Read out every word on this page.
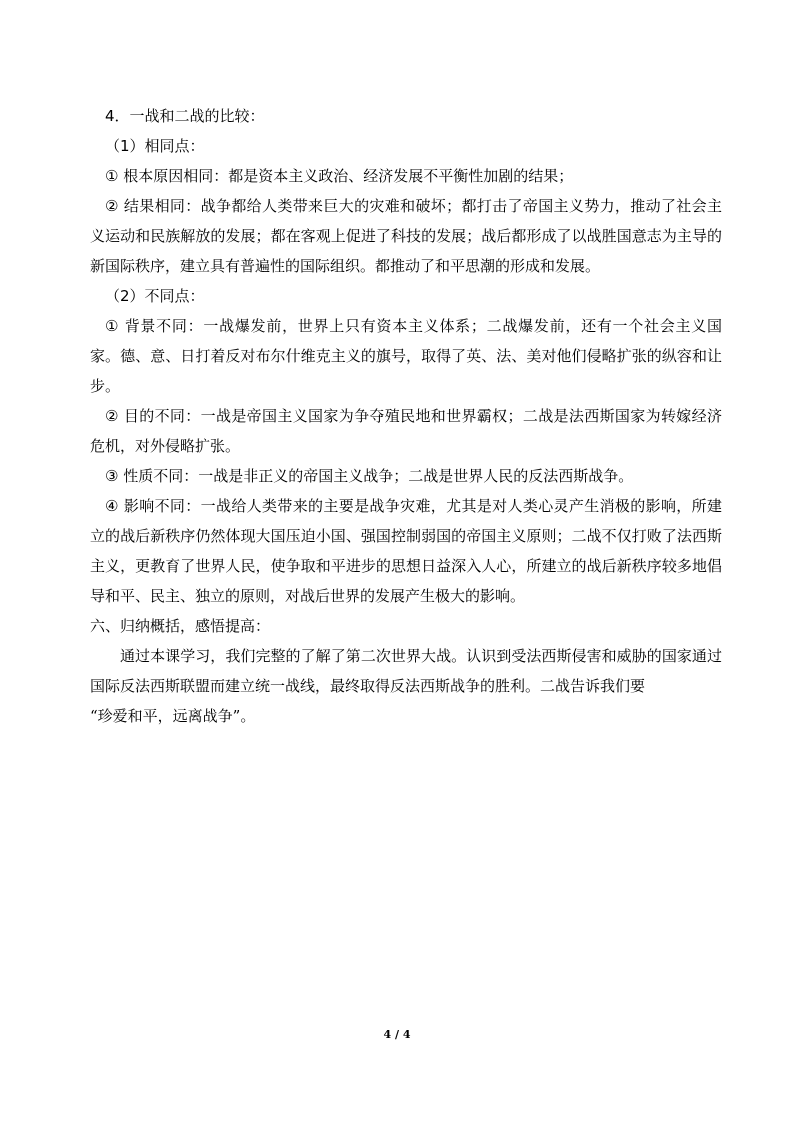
4．一战和二战的比较：

（1）相同点：

① 根本原因相同：都是资本主义政治、经济发展不平衡性加剧的结果；

② 结果相同：战争都给人类带来巨大的灾难和破坏；都打击了帝国主义势力，推动了社会主义运动和民族解放的发展；都在客观上促进了科技的发展；战后都形成了以战胜国意志为主导的新国际秩序，建立具有普遍性的国际组织。都推动了和平思潮的形成和发展。

（2）不同点：

① 背景不同：一战爆发前，世界上只有资本主义体系；二战爆发前，还有一个社会主义国家。德、意、日打着反对布尔什维克主义的旗号，取得了英、法、美对他们侵略扩张的纵容和让步。

② 目的不同：一战是帝国主义国家为争夺殖民地和世界霸权；二战是法西斯国家为转嫁经济危机，对外侵略扩张。

③ 性质不同：一战是非正义的帝国主义战争；二战是世界人民的反法西斯战争。

④ 影响不同：一战给人类带来的主要是战争灾难，尤其是对人类心灵产生消极的影响，所建立的战后新秩序仍然体现大国压迫小国、强国控制弱国的帝国主义原则；二战不仅打败了法西斯主义，更教育了世界人民，使争取和平进步的思想日益深入人心，所建立的战后新秩序较多地倡导和平、民主、独立的原则，对战后世界的发展产生极大的影响。

六、归纳概括，感悟提高：

通过本课学习，我们完整的了解了第二次世界大战。认识到受法西斯侵害和威胁的国家通过国际反法西斯联盟而建立统一战线，最终取得反法西斯战争的胜利。二战告诉我们要

“珍爱和平，远离战争”。

4 / 4
